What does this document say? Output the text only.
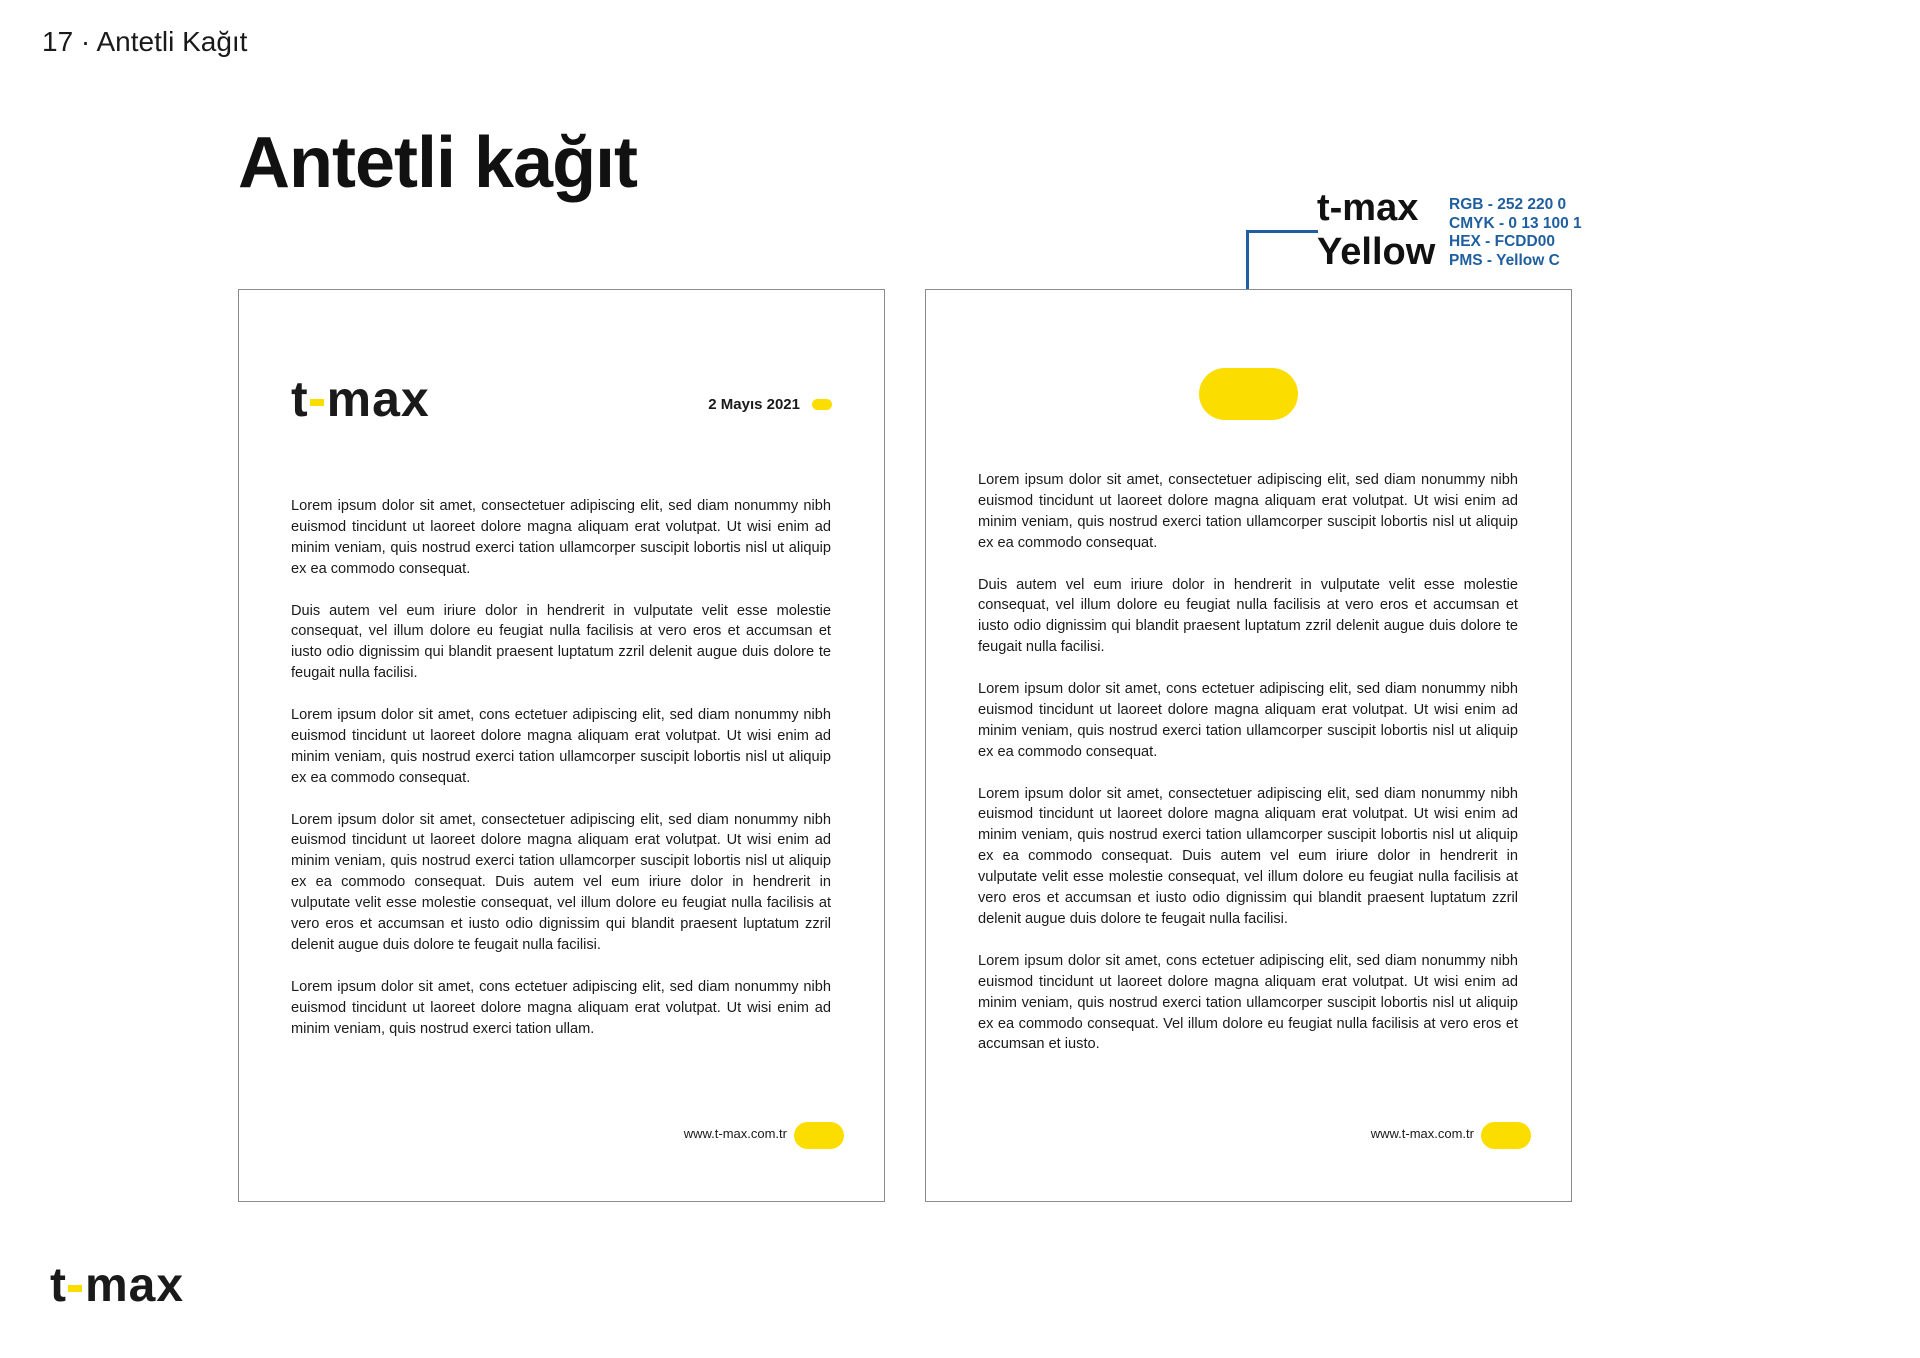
17 · Antetli Kağıt
Antetli kağıt
t-max
Yellow
RGB - 252 220 0
CMYK - 0 13 100 1
HEX - FCDD00
PMS - Yellow C
t max	2 Mayıs 2021

Lorem ipsum dolor sit amet, consectetuer adipiscing elit, sed diam nonummy nibh euismod tincidunt ut laoreet dolore magna aliquam erat volutpat. Ut wisi enim ad minim veniam, quis nostrud exerci tation ullamcorper suscipit lobortis nisl ut aliquip ex ea commodo consequat.

Duis autem vel eum iriure dolor in hendrerit in vulputate velit esse molestie consequat, vel illum dolore eu feugiat nulla facilisis at vero eros et accumsan et iusto odio dignissim qui blandit praesent luptatum zzril delenit augue duis dolore te feugait nulla facilisi.

Lorem ipsum dolor sit amet, cons ectetuer adipiscing elit, sed diam nonummy nibh euismod tincidunt ut laoreet dolore magna aliquam erat volutpat. Ut wisi enim ad minim veniam, quis nostrud exerci tation ullamcorper suscipit lobortis nisl ut aliquip ex ea commodo consequat.

Lorem ipsum dolor sit amet, consectetuer adipiscing elit, sed diam nonummy nibh euismod tincidunt ut laoreet dolore magna aliquam erat volutpat. Ut wisi enim ad minim veniam, quis nostrud exerci tation ullamcorper suscipit lobortis nisl ut aliquip ex ea commodo consequat. Duis autem vel eum iriure dolor in hendrerit in vulputate velit esse molestie consequat, vel illum dolore eu feugiat nulla facilisis at vero eros et accumsan et iusto odio dignissim qui blandit praesent luptatum zzril delenit augue duis dolore te feugait nulla facilisi.

Lorem ipsum dolor sit amet, cons ectetuer adipiscing elit, sed diam nonummy nibh euismod tincidunt ut laoreet dolore magna aliquam erat volutpat. Ut wisi enim ad minim veniam, quis nostrud exerci tation ullam.

www.t-max.com.tr

Lorem ipsum dolor sit amet, consectetuer adipiscing elit, sed diam nonummy nibh euismod tincidunt ut laoreet dolore magna aliquam erat volutpat. Ut wisi enim ad minim veniam, quis nostrud exerci tation ullamcorper suscipit lobortis nisl ut aliquip ex ea commodo consequat.

Duis autem vel eum iriure dolor in hendrerit in vulputate velit esse molestie consequat, vel illum dolore eu feugiat nulla facilisis at vero eros et accumsan et iusto odio dignissim qui blandit praesent luptatum zzril delenit augue duis dolore te feugait nulla facilisi.

Lorem ipsum dolor sit amet, cons ectetuer adipiscing elit, sed diam nonummy nibh euismod tincidunt ut laoreet dolore magna aliquam erat volutpat. Ut wisi enim ad minim veniam, quis nostrud exerci tation ullamcorper suscipit lobortis nisl ut aliquip ex ea commodo consequat.

Lorem ipsum dolor sit amet, consectetuer adipiscing elit, sed diam nonummy nibh euismod tincidunt ut laoreet dolore magna aliquam erat volutpat. Ut wisi enim ad minim veniam, quis nostrud exerci tation ullamcorper suscipit lobortis nisl ut aliquip ex ea commodo consequat. Duis autem vel eum iriure dolor in hendrerit in vulputate velit esse molestie consequat, vel illum dolore eu feugiat nulla facilisis at vero eros et accumsan et iusto odio dignissim qui blandit praesent luptatum zzril delenit augue duis dolore te feugait nulla facilisi.

Lorem ipsum dolor sit amet, cons ectetuer adipiscing elit, sed diam nonummy nibh euismod tincidunt ut laoreet dolore magna aliquam erat volutpat. Ut wisi enim ad minim veniam, quis nostrud exerci tation ullamcorper suscipit lobortis nisl ut aliquip ex ea commodo consequat. Vel illum dolore eu feugiat nulla facilisis at vero eros et accumsan et iusto.

www.t-max.com.tr
t max
